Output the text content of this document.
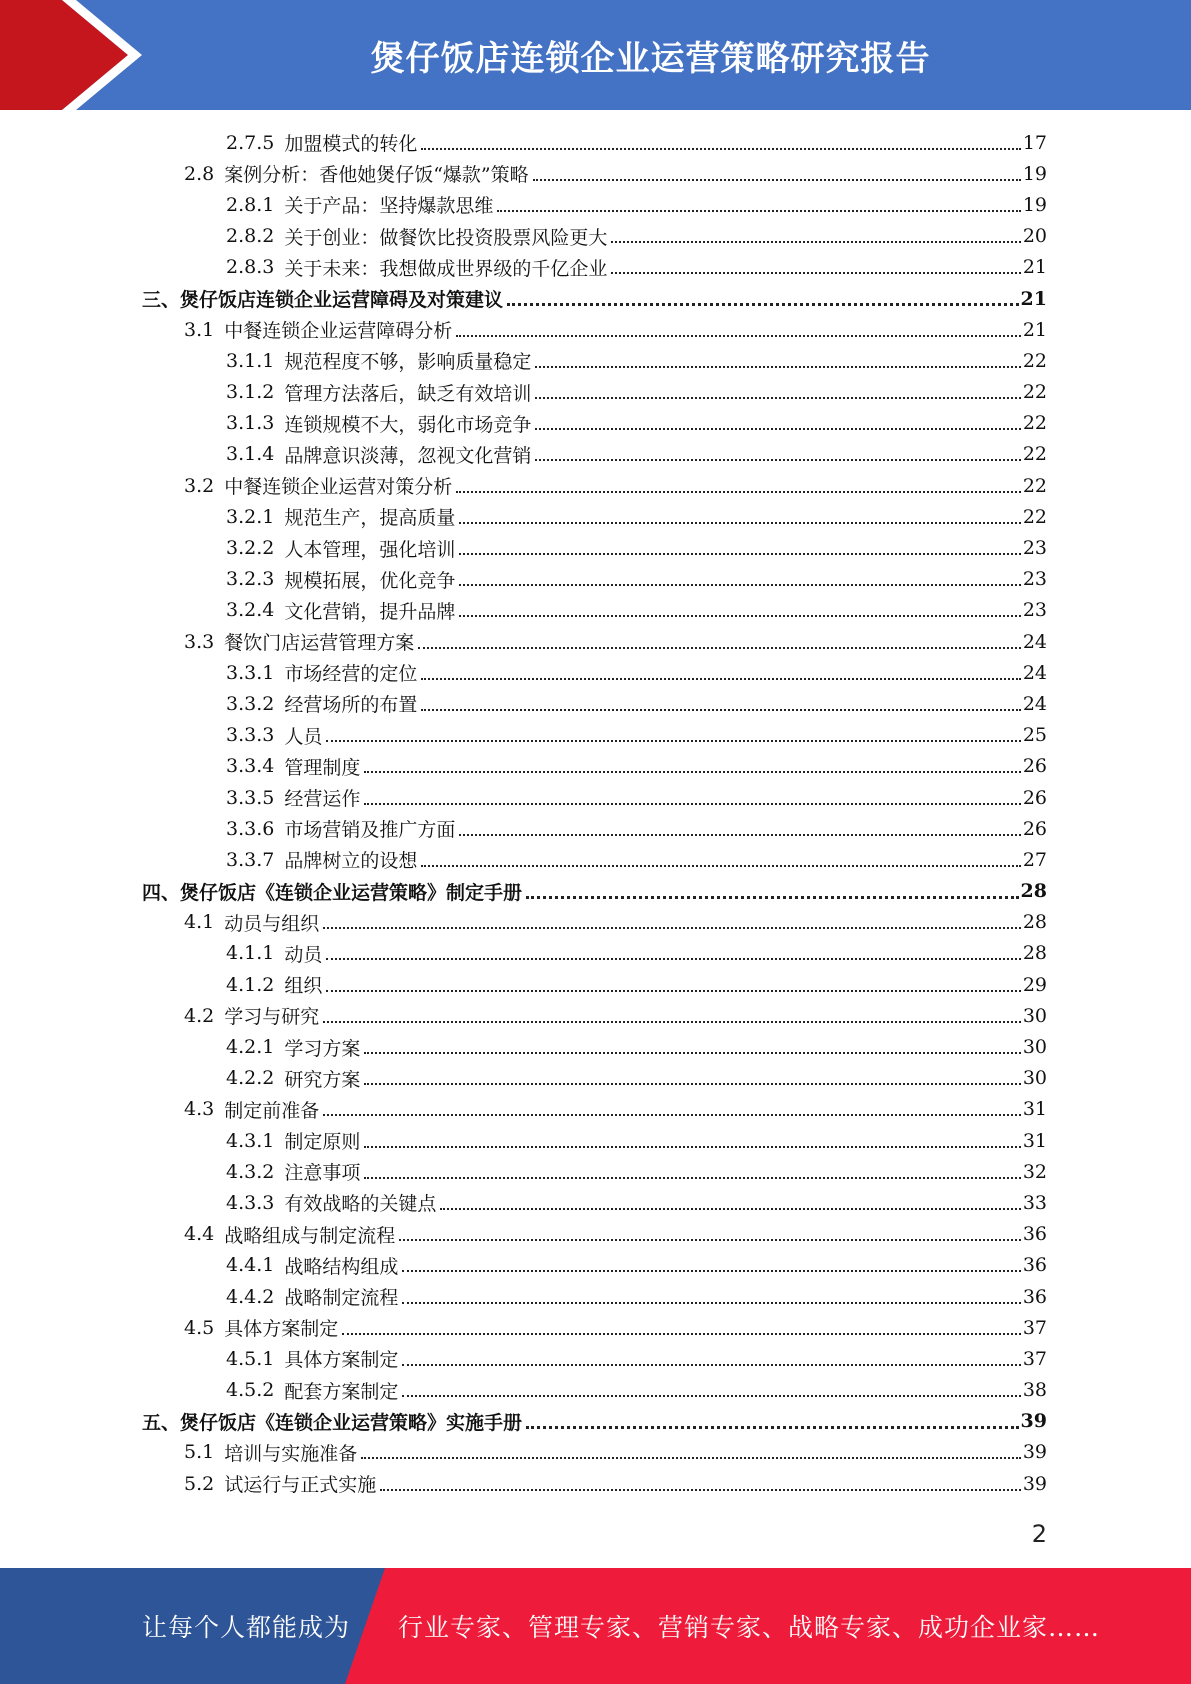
煲仔饭店连锁企业运营策略研究报告
2.7.5 加盟模式的转化	17
2.8 案例分析：香他她煲仔饭“爆款”策略	19
2.8.1 关于产品：坚持爆款思维	19
2.8.2 关于创业：做餐饮比投资股票风险更大	20
2.8.3 关于未来：我想做成世界级的千亿企业	21
三、煲仔饭店连锁企业运营障碍及对策建议	21
3.1 中餐连锁企业运营障碍分析	21
3.1.1 规范程度不够，影响质量稳定	22
3.1.2 管理方法落后，缺乏有效培训	22
3.1.3 连锁规模不大，弱化市场竞争	22
3.1.4 品牌意识淡薄，忽视文化营销	22
3.2 中餐连锁企业运营对策分析	22
3.2.1 规范生产，提高质量	22
3.2.2 人本管理，强化培训	23
3.2.3 规模拓展，优化竞争	23
3.2.4 文化营销，提升品牌	23
3.3 餐饮门店运营管理方案	24
3.3.1 市场经营的定位	24
3.3.2 经营场所的布置	24
3.3.3 人员	25
3.3.4 管理制度	26
3.3.5 经营运作	26
3.3.6 市场营销及推广方面	26
3.3.7 品牌树立的设想	27
四、煲仔饭店《连锁企业运营策略》制定手册	28
4.1 动员与组织	28
4.1.1 动员	28
4.1.2 组织	29
4.2 学习与研究	30
4.2.1 学习方案	30
4.2.2 研究方案	30
4.3 制定前准备	31
4.3.1 制定原则	31
4.3.2 注意事项	32
4.3.3 有效战略的关键点	33
4.4 战略组成与制定流程	36
4.4.1 战略结构组成	36
4.4.2 战略制定流程	36
4.5 具体方案制定	37
4.5.1 具体方案制定	37
4.5.2 配套方案制定	38
五、煲仔饭店《连锁企业运营策略》实施手册	39
5.1 培训与实施准备	39
5.2 试运行与正式实施	39
2
让每个人都能成为 行业专家、管理专家、营销专家、战略专家、成功企业家……
